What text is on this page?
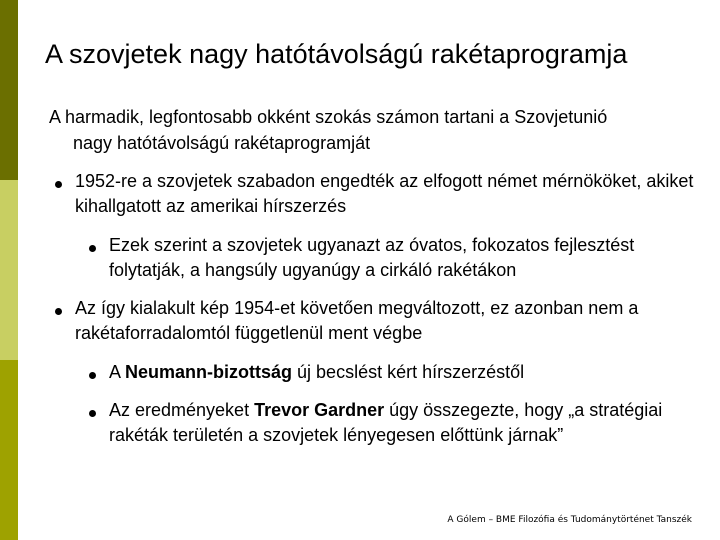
A szovjetek nagy hatótávolságú rakétaprogramja
A harmadik, legfontosabb okként szokás számon tartani a Szovjetunió
nagy hatótávolságú rakétaprogramját
1952-re a szovjetek szabadon engedték az elfogott német mérnököket, akiket kihallgatott az amerikai hírszerzés
Ezek szerint a szovjetek ugyanazt az óvatos, fokozatos fejlesztést folytatják, a hangsúly ugyanúgy a cirkáló rakétákon
Az így kialakult kép 1954-et követően megváltozott, ez azonban nem a rakétaforradalomtól függetlenül ment végbe
A Neumann-bizottság új becslést kért hírszerzéstől
Az eredményeket Trevor Gardner úgy összegezte, hogy „a stratégiai rakéták területén a szovjetek lényegesen előttünk járnak”
A Gólem – BME Filozófia és Tudománytörténet Tanszék
